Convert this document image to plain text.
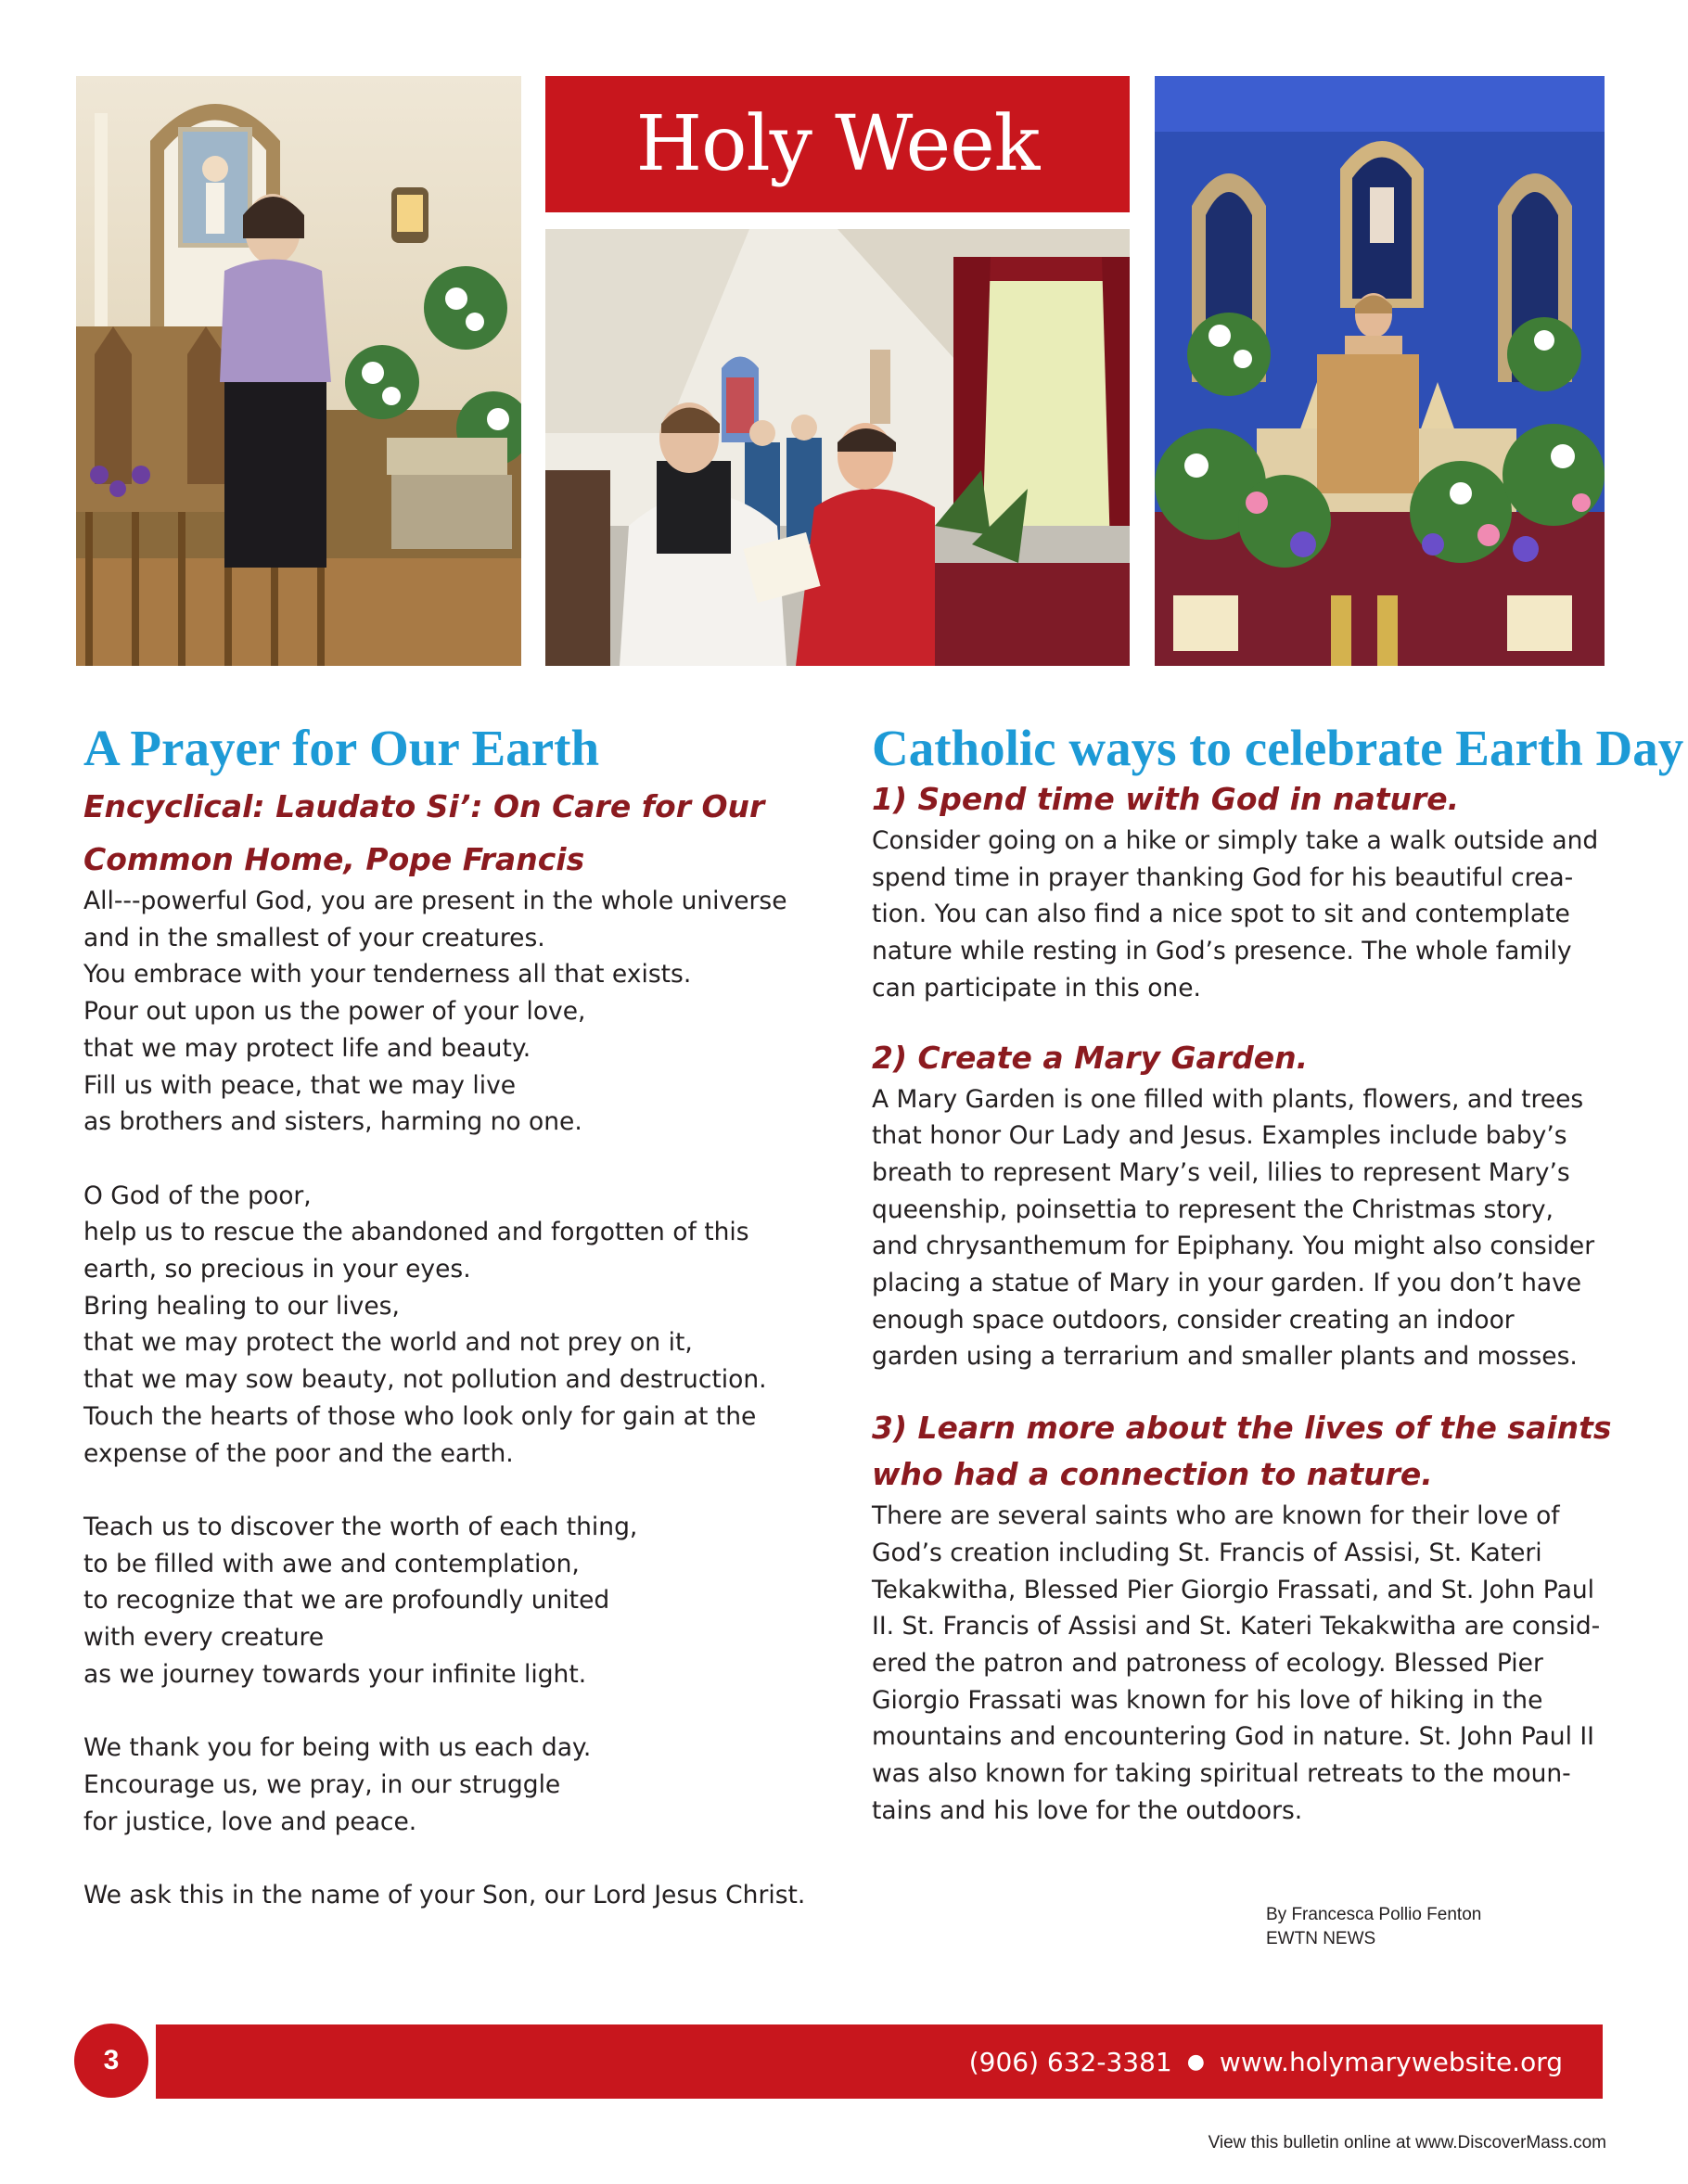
Holy Week
A Prayer for Our Earth
Encyclical: Laudato Si’: On Care for Our
Common Home, Pope Francis
All---powerful God, you are present in the whole universe
and in the smallest of your creatures.
You embrace with your tenderness all that exists.
Pour out upon us the power of your love,
that we may protect life and beauty.
Fill us with peace, that we may live
as brothers and sisters, harming no one.
O God of the poor,
help us to rescue the abandoned and forgotten of this
earth, so precious in your eyes.
Bring healing to our lives,
that we may protect the world and not prey on it,
that we may sow beauty, not pollution and destruction.
Touch the hearts of those who look only for gain at the
expense of the poor and the earth.
Teach us to discover the worth of each thing,
to be filled with awe and contemplation,
to recognize that we are profoundly united
with every creature
as we journey towards your infinite light.
We thank you for being with us each day.
Encourage us, we pray, in our struggle
for justice, love and peace.
We ask this in the name of your Son, our Lord Jesus Christ.
Catholic ways to celebrate Earth Day
1) Spend time with God in nature.
Consider going on a hike or simply take a walk outside and
spend time in prayer thanking God for his beautiful crea-
tion. You can also find a nice spot to sit and contemplate
nature while resting in God’s presence. The whole family
can participate in this one.
2) Create a Mary Garden.
A Mary Garden is one filled with plants, flowers, and trees
that honor Our Lady and Jesus. Examples include baby’s
breath to represent Mary’s veil, lilies to represent Mary’s
queenship, poinsettia to represent the Christmas story,
and chrysanthemum for Epiphany. You might also consider
placing a statue of Mary in your garden. If you don’t have
enough space outdoors, consider creating an indoor
garden using a terrarium and smaller plants and mosses.
3) Learn more about the lives of the saints
who had a connection to nature.
There are several saints who are known for their love of
God’s creation including St. Francis of Assisi, St. Kateri
Tekakwitha, Blessed Pier Giorgio Frassati, and St. John Paul
II. St. Francis of Assisi and St. Kateri Tekakwitha are consid-
ered the patron and patroness of ecology. Blessed Pier
Giorgio Frassati was known for his love of hiking in the
mountains and encountering God in nature. St. John Paul II
was also known for taking spiritual retreats to the moun-
tains and his love for the outdoors.
By Francesca Pollio Fenton
EWTN NEWS
3	(906) 632-3381 ● www.holymarywebsite.org
View this bulletin online at www.DiscoverMass.com
